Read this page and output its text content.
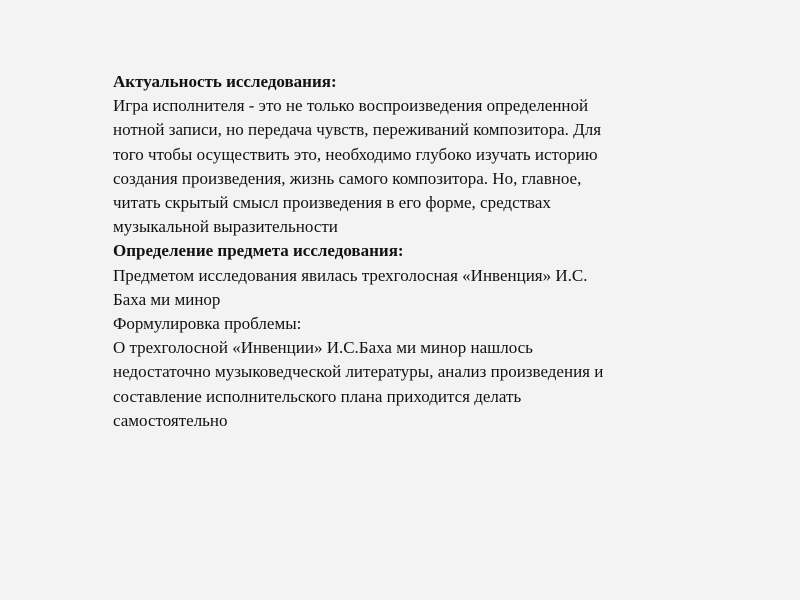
Актуальность исследования:

Игра исполнителя - это не только воспроизведения определенной

нотной записи, но передача чувств, переживаний композитора. Для

того чтобы осуществить это, необходимо глубоко изучать историю

создания произведения, жизнь самого композитора. Но, главное,

читать скрытый смысл произведения в его форме, средствах

музыкальной выразительности

Определение предмета исследования:

Предметом исследования явилась трехголосная «Инвенция» И.С.

Баха ми минор

Формулировка проблемы:

О трехголосной «Инвенции» И.С.Баха ми минор нашлось

недостаточно музыковедческой литературы, анализ произведения и

составление исполнительского плана приходится делать

самостоятельно
